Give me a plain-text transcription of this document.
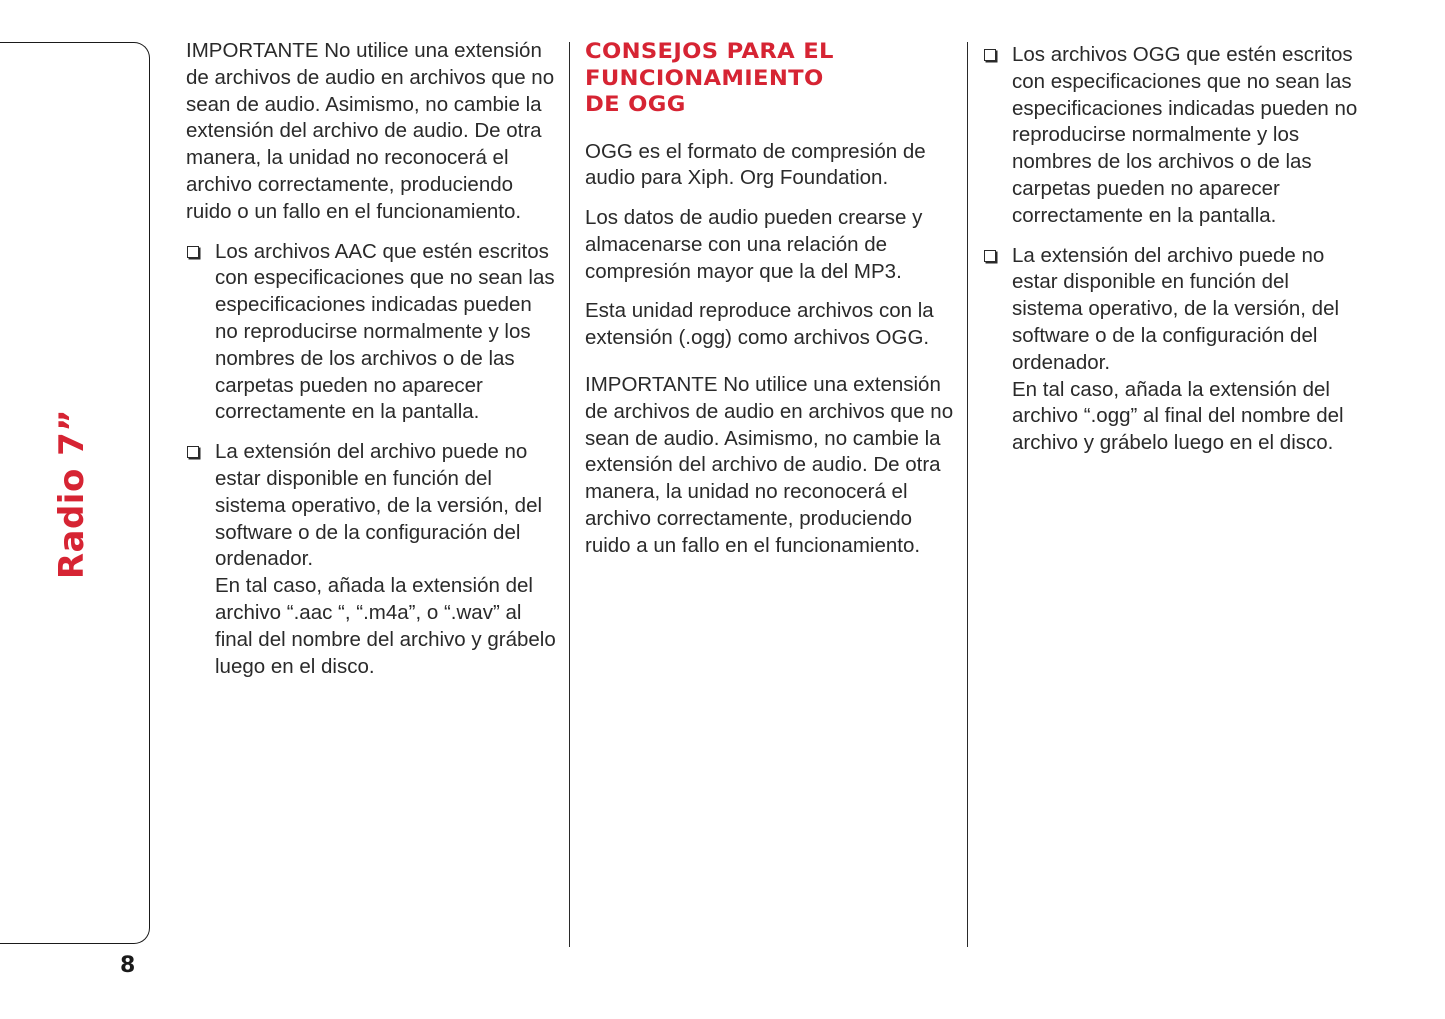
Radio 7”
8

IMPORTANTE No utilice una extensión de archivos de audio en archivos que no sean de audio. Asimismo, no cambie la extensión del archivo de audio. De otra manera, la unidad no reconocerá el archivo correctamente, produciendo ruido o un fallo en el funcionamiento.

Los archivos AAC que estén escritos con especificaciones que no sean las especificaciones indicadas pueden no reproducirse normalmente y los nombres de los archivos o de las carpetas pueden no aparecer correctamente en la pantalla.
La extensión del archivo puede no estar disponible en función del sistema operativo, de la versión, del software o de la configuración del ordenador.
En tal caso, añada la extensión del archivo “.aac “, “.m4a”, o “.wav” al final del nombre del archivo y grábelo luego en el disco.
CONSEJOS PARA EL
FUNCIONAMIENTO
DE OGG

OGG es el formato de compresión de audio para Xiph. Org Foundation.

Los datos de audio pueden crearse y almacenarse con una relación de compresión mayor que la del MP3.

Esta unidad reproduce archivos con la extensión (.ogg) como archivos OGG.

IMPORTANTE No utilice una extensión de archivos de audio en archivos que no sean de audio. Asimismo, no cambie la extensión del archivo de audio. De otra manera, la unidad no reconocerá el archivo correctamente, produciendo ruido a un fallo en el funcionamiento.

Los archivos OGG que estén escritos con especificaciones que no sean las especificaciones indicadas pueden no reproducirse normalmente y los nombres de los archivos o de las carpetas pueden no aparecer correctamente en la pantalla.
La extensión del archivo puede no estar disponible en función del sistema operativo, de la versión, del software o de la configuración del ordenador.
En tal caso, añada la extensión del archivo “.ogg” al final del nombre del archivo y grábelo luego en el disco.
